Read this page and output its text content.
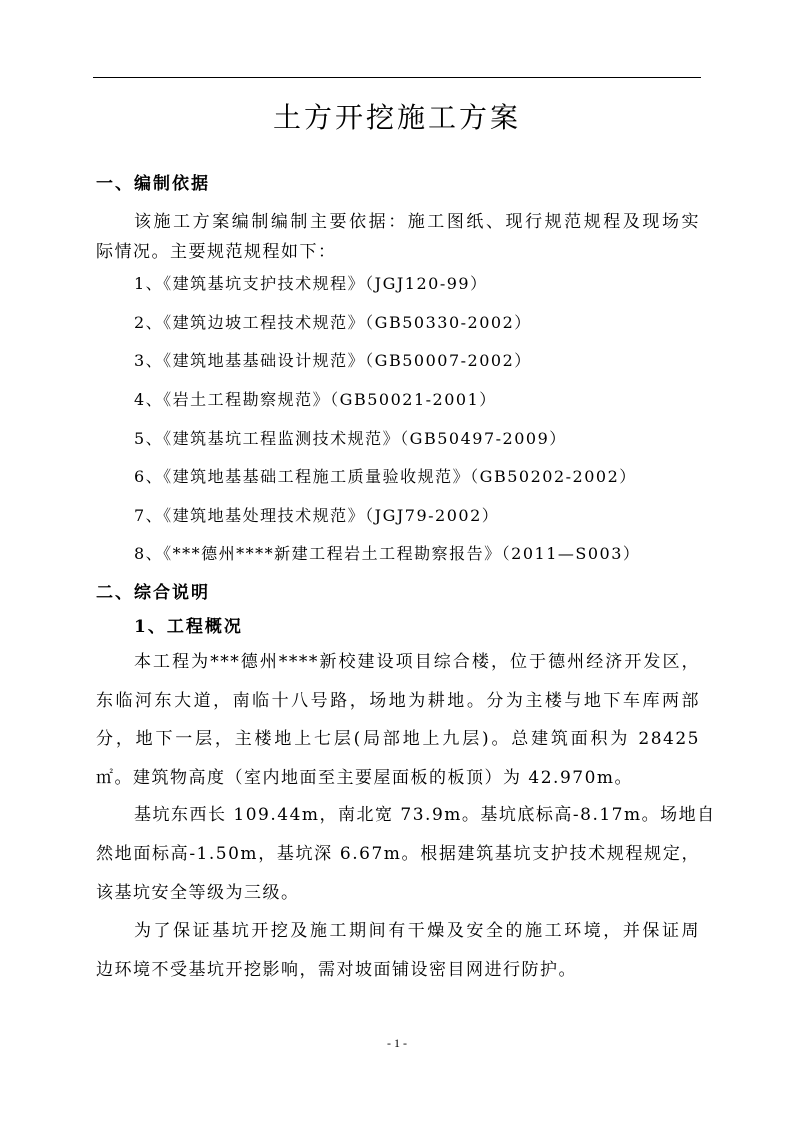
土方开挖施工方案
一、编制依据
该施工方案编制编制主要依据：施工图纸、现行规范规程及现场实
际情况。主要规范规程如下：
1、《建筑基坑支护技术规程》（JGJ120-99）
2、《建筑边坡工程技术规范》（GB50330-2002）
3、《建筑地基基础设计规范》（GB50007-2002）
4、《岩土工程勘察规范》（GB50021-2001）
5、《建筑基坑工程监测技术规范》（GB50497-2009）
6、《建筑地基基础工程施工质量验收规范》（GB50202-2002）
7、《建筑地基处理技术规范》（JGJ79-2002）
8、《***德州****新建工程岩土工程勘察报告》（2011—S003）
二、综合说明
1、工程概况
本工程为***德州****新校建设项目综合楼，位于德州经济开发区，
东临河东大道，南临十八号路，场地为耕地。分为主楼与地下车库两部
分，地下一层，主楼地上七层(局部地上九层)。总建筑面积为 28425
㎡。建筑物高度（室内地面至主要屋面板的板顶）为 42.970m。
基坑东西长 109.44m，南北宽 73.9m。基坑底标高-8.17m。场地自
然地面标高-1.50m，基坑深 6.67m。根据建筑基坑支护技术规程规定，
该基坑安全等级为三级。
为了保证基坑开挖及施工期间有干燥及安全的施工环境，并保证周
边环境不受基坑开挖影响，需对坡面铺设密目网进行防护。
- 1 -
